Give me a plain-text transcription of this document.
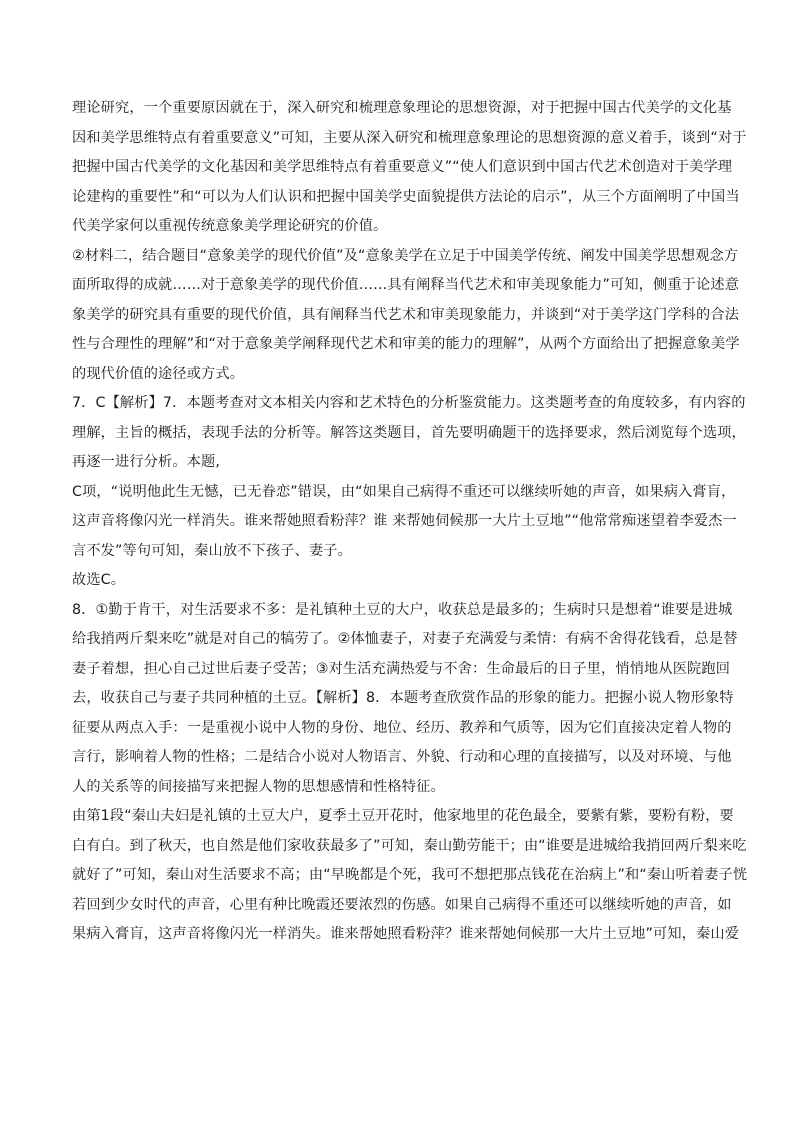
理论研究，一个重要原因就在于，深入研究和梳理意象理论的思想资源，对于把握中国古代美学的文化基
因和美学思维特点有着重要意义”可知，主要从深入研究和梳理意象理论的思想资源的意义着手，谈到“对于
把握中国古代美学的文化基因和美学思维特点有着重要意义”“使人们意识到中国古代艺术创造对于美学理
论建构的重要性”和“可以为人们认识和把握中国美学史面貌提供方法论的启示”，从三个方面阐明了中国当
代美学家何以重视传统意象美学理论研究的价值。
②材料二，结合题目“意象美学的现代价值”及“意象美学在立足于中国美学传统、阐发中国美学思想观念方
面所取得的成就……对于意象美学的现代价值……具有阐释当代艺术和审美现象能力”可知，侧重于论述意
象美学的研究具有重要的现代价值，具有阐释当代艺术和审美现象能力，并谈到“对于美学这门学科的合法
性与合理性的理解”和“对于意象美学阐释现代艺术和审美的能力的理解”，从两个方面给出了把握意象美学
的现代价值的途径或方式。
7．C【解析】7．本题考查对文本相关内容和艺术特色的分析鉴赏能力。这类题考查的角度较多，有内容的
理解，主旨的概括，表现手法的分析等。解答这类题目，首先要明确题干的选择要求，然后浏览每个选项，
再逐一进行分析。本题,
C项，“说明他此生无憾，已无眷恋”错误，由“如果自己病得不重还可以继续听她的声音，如果病入膏肓，
这声音将像闪光一样消失。谁来帮她照看粉萍？谁 来帮她伺候那一大片土豆地”“他常常痴迷望着李爱杰一
言不发”等句可知，秦山放不下孩子、妻子。
故选C。
8．①勤于肯干，对生活要求不多：是礼镇种土豆的大户，收获总是最多的；生病时只是想着“谁要是进城
给我捎两斤梨来吃”就是对自己的犒劳了。②体恤妻子，对妻子充满爱与柔情：有病不舍得花钱看，总是替
妻子着想，担心自己过世后妻子受苦；③对生活充满热爱与不舍：生命最后的日子里，悄悄地从医院跑回
去，收获自己与妻子共同种植的土豆。【解析】8．本题考查欣赏作品的形象的能力。把握小说人物形象特
征要从两点入手：一是重视小说中人物的身份、地位、经历、教养和气质等，因为它们直接决定着人物的
言行，影响着人物的性格；二是结合小说对人物语言、外貌、行动和心理的直接描写，以及对环境、与他
人的关系等的间接描写来把握人物的思想感情和性格特征。
由第1段“秦山夫妇是礼镇的土豆大户，夏季土豆开花时，他家地里的花色最全，要紫有紫，要粉有粉，要
白有白。到了秋天，也自然是他们家收获最多了”可知，秦山勤劳能干；由“谁要是进城给我捎回两斤梨来吃
就好了”可知，秦山对生活要求不高；由“早晚都是个死，我可不想把那点钱花在治病上”和“秦山听着妻子恍
若回到少女时代的声音，心里有种比晚霞还要浓烈的伤感。如果自己病得不重还可以继续听她的声音，如
果病入膏肓，这声音将像闪光一样消失。谁来帮她照看粉萍？谁来帮她伺候那一大片土豆地”可知，秦山爱
